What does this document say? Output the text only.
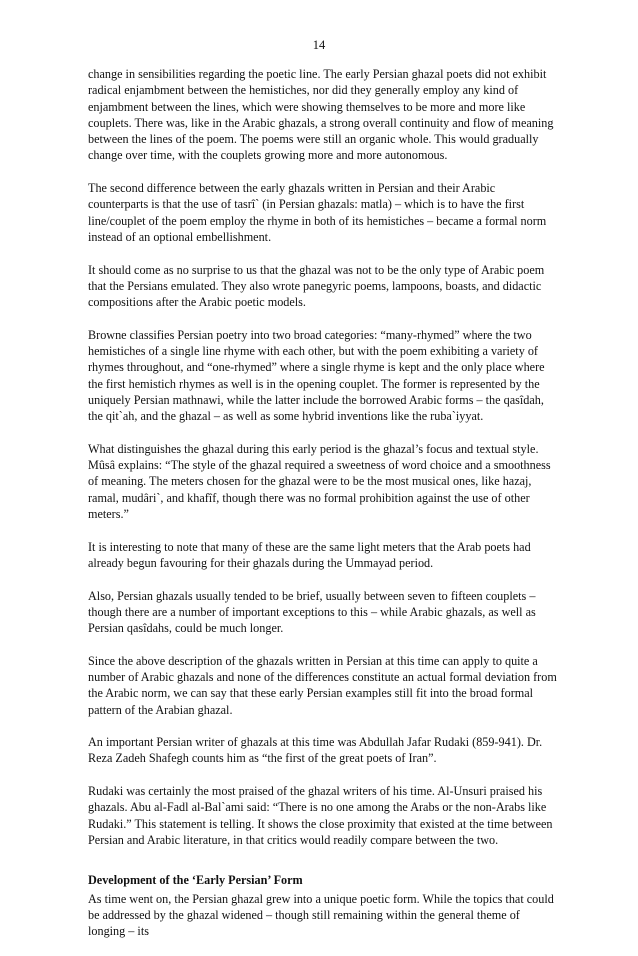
14

change in sensibilities regarding the poetic line. The early Persian ghazal poets did not exhibit radical enjambment between the hemistiches, nor did they generally employ any kind of enjambment between the lines, which were showing themselves to be more and more like couplets. There was, like in the Arabic ghazals, a strong overall continuity and flow of meaning between the lines of the poem. The poems were still an organic whole. This would gradually change over time, with the couplets growing more and more autonomous.

The second difference between the early ghazals written in Persian and their Arabic counterparts is that the use of tasrî` (in Persian ghazals: matla) – which is to have the first line/couplet of the poem employ the rhyme in both of its hemistiches – became a formal norm instead of an optional embellishment.

It should come as no surprise to us that the ghazal was not to be the only type of Arabic poem that the Persians emulated. They also wrote panegyric poems, lampoons, boasts, and didactic compositions after the Arabic poetic models.

Browne classifies Persian poetry into two broad categories: “many-rhymed” where the two hemistiches of a single line rhyme with each other, but with the poem exhibiting a variety of rhymes throughout, and “one-rhymed” where a single rhyme is kept and the only place where the first hemistich rhymes as well is in the opening couplet. The former is represented by the uniquely Persian mathnawi, while the latter include the borrowed Arabic forms – the qasîdah, the qit`ah, and the ghazal – as well as some hybrid inventions like the ruba`iyyat.

What distinguishes the ghazal during this early period is the ghazal’s focus and textual style. Mûsâ explains: “The style of the ghazal required a sweetness of word choice and a smoothness of meaning. The meters chosen for the ghazal were to be the most musical ones, like hazaj, ramal, mudâri`, and khafîf, though there was no formal prohibition against the use of other meters.”

It is interesting to note that many of these are the same light meters that the Arab poets had already begun favouring for their ghazals during the Ummayad period.

Also, Persian ghazals usually tended to be brief, usually between seven to fifteen couplets – though there are a number of important exceptions to this – while Arabic ghazals, as well as Persian qasîdahs, could be much longer.

Since the above description of the ghazals written in Persian at this time can apply to quite a number of Arabic ghazals and none of the differences constitute an actual formal deviation from the Arabic norm, we can say that these early Persian examples still fit into the broad formal pattern of the Arabian ghazal.

An important Persian writer of ghazals at this time was Abdullah Jafar Rudaki (859-941). Dr. Reza Zadeh Shafegh counts him as “the first of the great poets of Iran”.

Rudaki was certainly the most praised of the ghazal writers of his time. Al-Unsuri praised his ghazals. Abu al-Fadl al-Bal`ami said: “There is no one among the Arabs or the non-Arabs like Rudaki.” This statement is telling. It shows the close proximity that existed at the time between Persian and Arabic literature, in that critics would readily compare between the two.

Development of the ‘Early Persian’ Form

As time went on, the Persian ghazal grew into a unique poetic form. While the topics that could be addressed by the ghazal widened – though still remaining within the general theme of longing – its
